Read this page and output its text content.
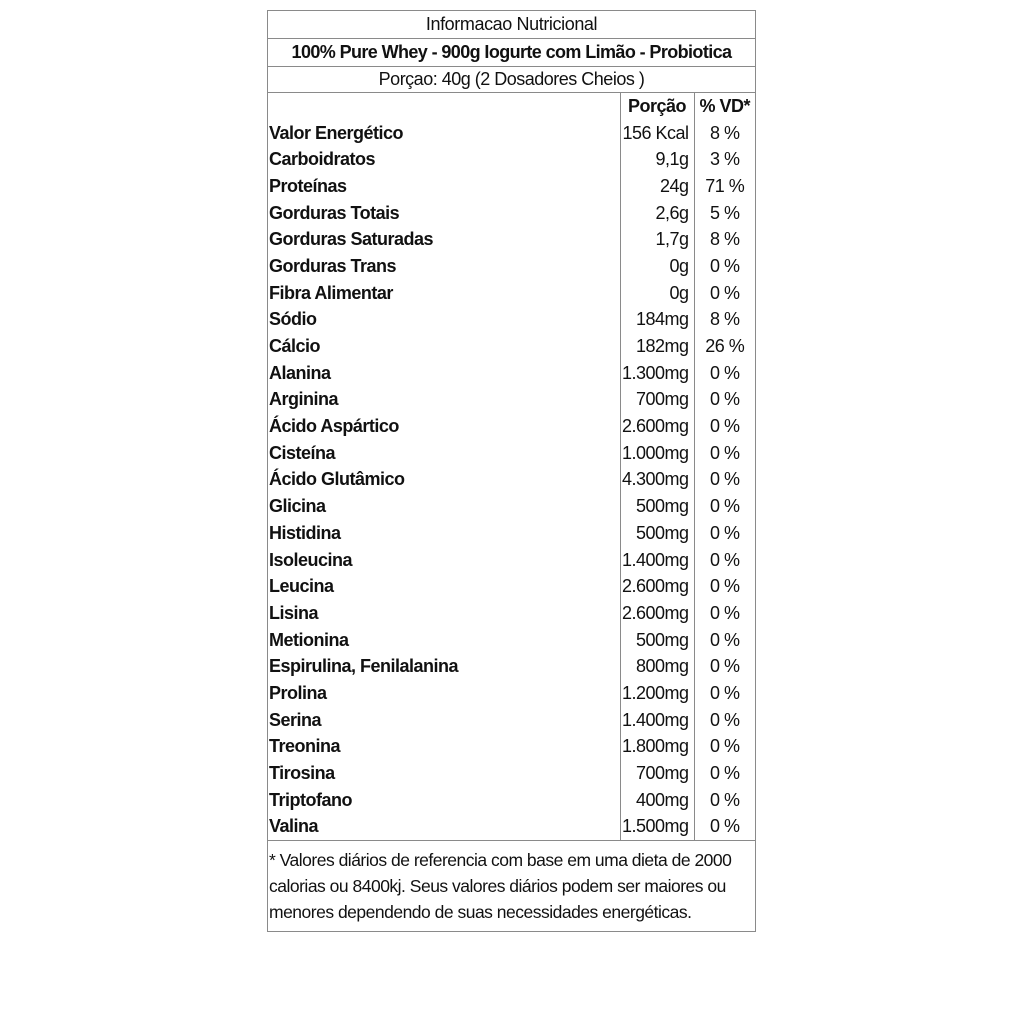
Informacao Nutricional
100% Pure Whey - 900g Iogurte com Limão - Probiotica
Porçao: 40g (2 Dosadores Cheios )
	Porção	% VD*
Valor Energético	156 Kcal	8 %
Carboidratos	9,1g	3 %
Proteínas	24g	71 %
Gorduras Totais	2,6g	5 %
Gorduras Saturadas	1,7g	8 %
Gorduras Trans	0g	0 %
Fibra Alimentar	0g	0 %
Sódio	184mg	8 %
Cálcio	182mg	26 %
Alanina	1.300mg	0 %
Arginina	700mg	0 %
Ácido Aspártico	2.600mg	0 %
Cisteína	1.000mg	0 %
Ácido Glutâmico	4.300mg	0 %
Glicina	500mg	0 %
Histidina	500mg	0 %
Isoleucina	1.400mg	0 %
Leucina	2.600mg	0 %
Lisina	2.600mg	0 %
Metionina	500mg	0 %
Espirulina, Fenilalanina	800mg	0 %
Prolina	1.200mg	0 %
Serina	1.400mg	0 %
Treonina	1.800mg	0 %
Tirosina	700mg	0 %
Triptofano	400mg	0 %
Valina	1.500mg	0 %
* Valores diários de referencia com base em uma dieta de 2000 calorias ou 8400kj. Seus valores diários podem ser maiores ou menores dependendo de suas necessidades energéticas.
